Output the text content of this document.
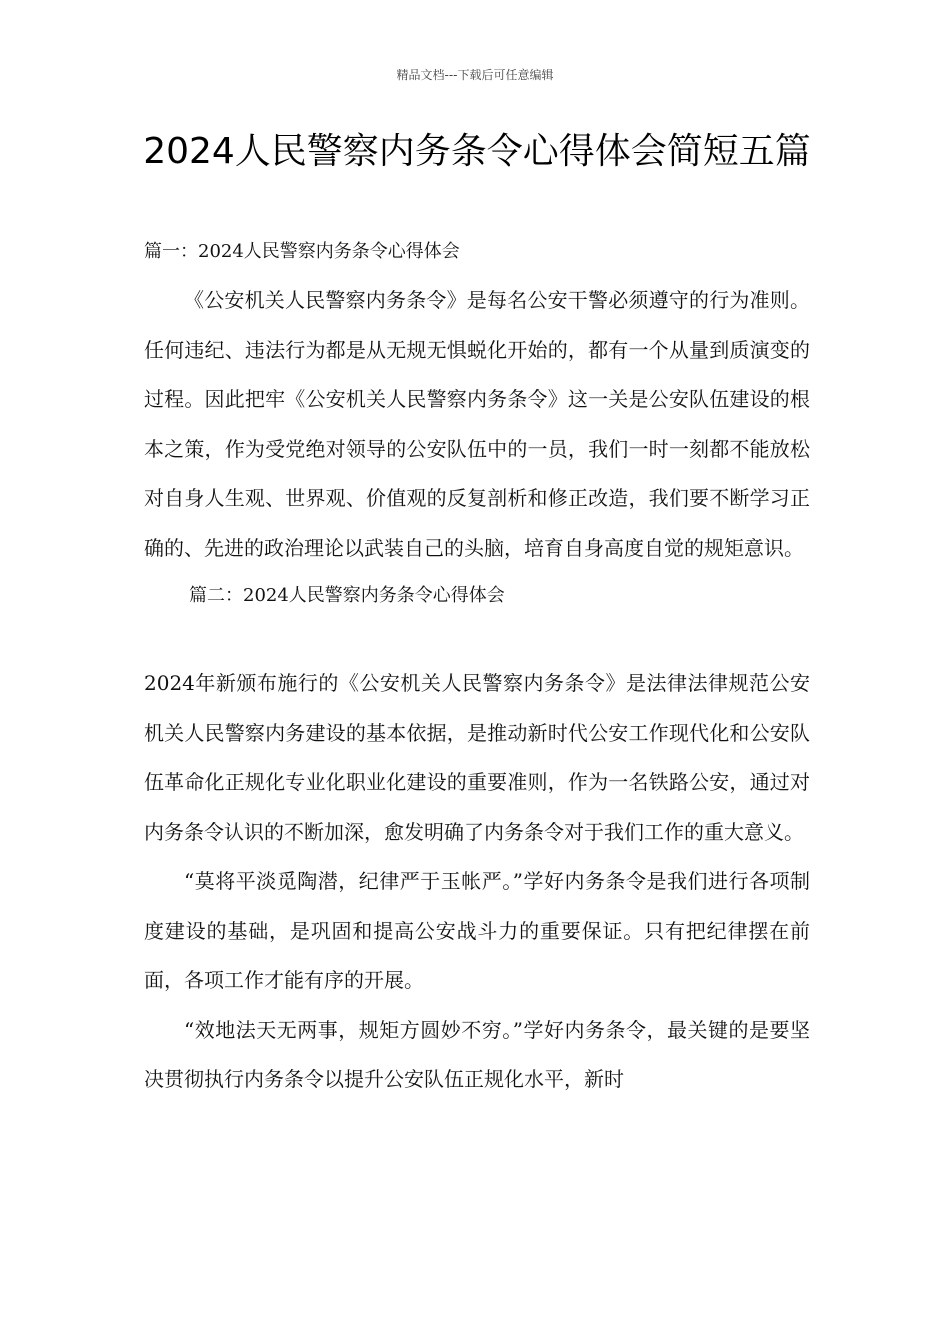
精品文档---下载后可任意编辑
2024人民警察内务条令心得体会简短五篇

篇一：2024人民警察内务条令心得体会

《公安机关人民警察内务条令》是每名公安干警必须遵守的行为准则。任何违纪、违法行为都是从无规无惧蜕化开始的，都有一个从量到质演变的过程。因此把牢《公安机关人民警察内务条令》这一关是公安队伍建设的根本之策，作为受党绝对领导的公安队伍中的一员，我们一时一刻都不能放松对自身人生观、世界观、价值观的反复剖析和修正改造，我们要不断学习正确的、先进的政治理论以武装自己的头脑，培育自身高度自觉的规矩意识。

篇二：2024人民警察内务条令心得体会

2024年新颁布施行的《公安机关人民警察内务条令》是法律法律规范公安机关人民警察内务建设的基本依据，是推动新时代公安工作现代化和公安队伍革命化正规化专业化职业化建设的重要准则，作为一名铁路公安，通过对内务条令认识的不断加深，愈发明确了内务条令对于我们工作的重大意义。

“莫将平淡觅陶潜，纪律严于玉帐严。”学好内务条令是我们进行各项制度建设的基础，是巩固和提高公安战斗力的重要保证。只有把纪律摆在前面，各项工作才能有序的开展。

“效地法天无两事，规矩方圆妙不穷。”学好内务条令，最关键的是要坚决贯彻执行内务条令以提升公安队伍正规化水平，新时
